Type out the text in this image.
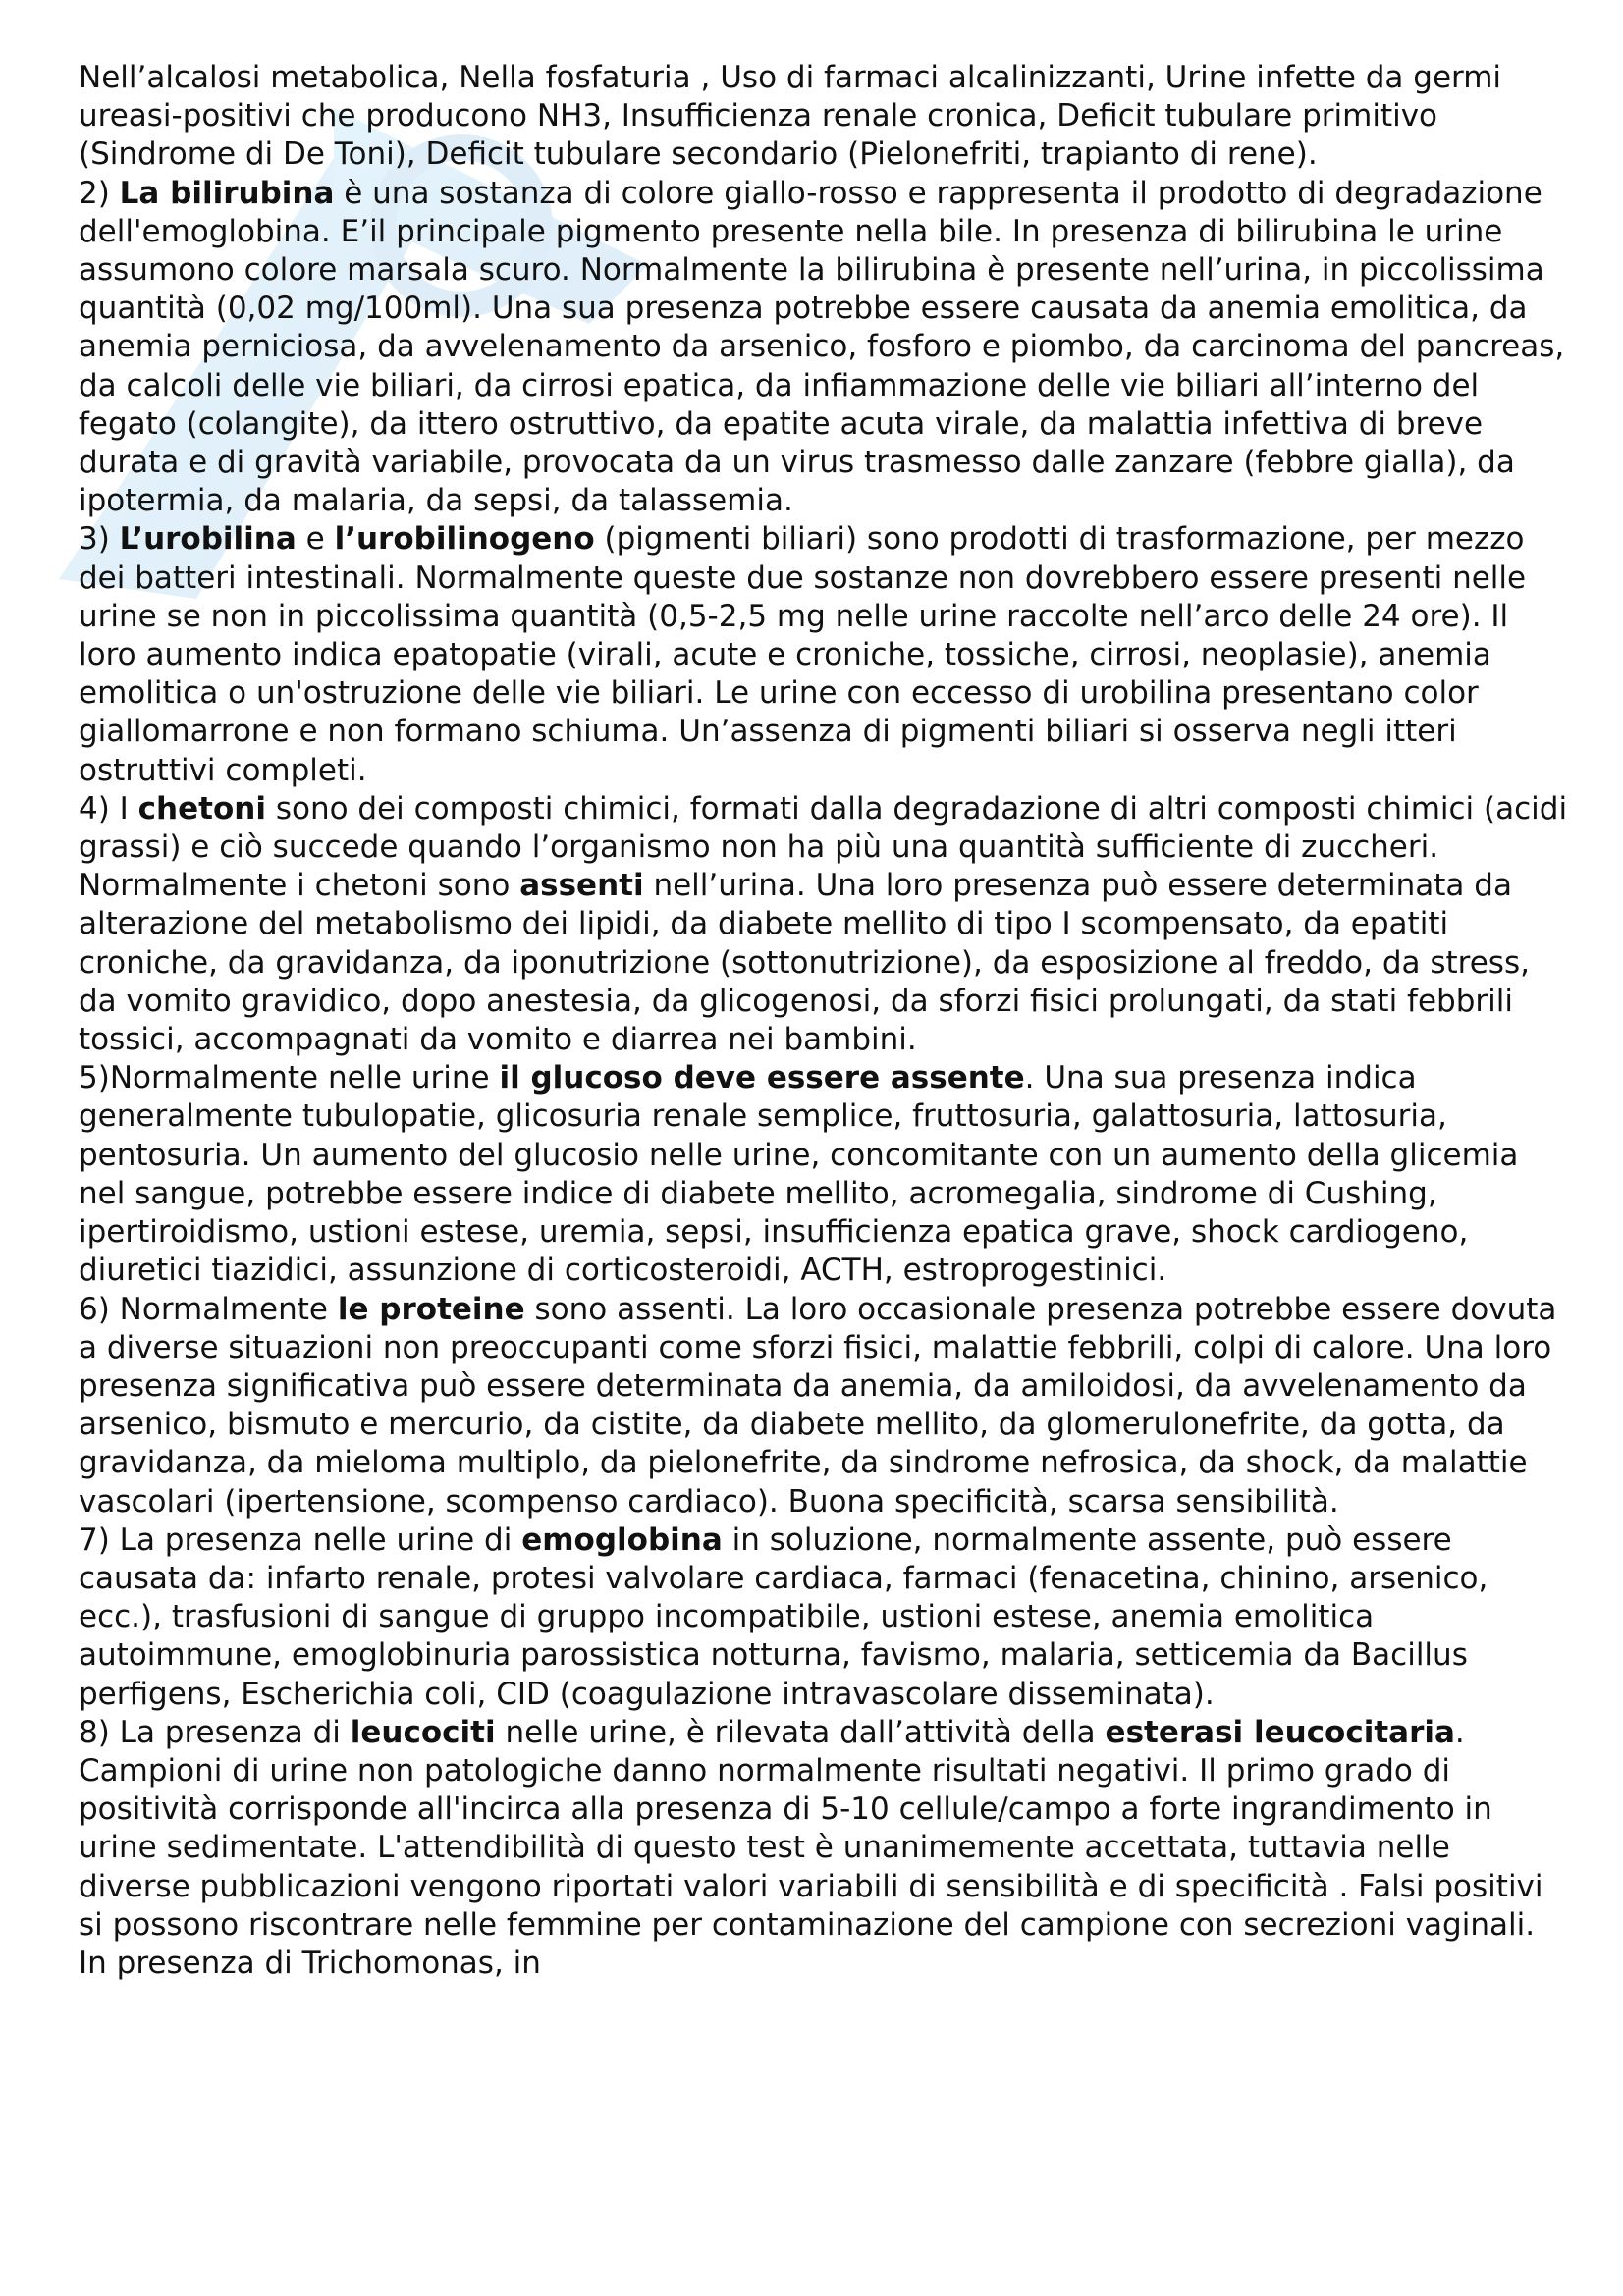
Nell’alcalosi metabolica, Nella fosfaturia , Uso di farmaci alcalinizzanti, Urine infette da germi ureasi-positivi che producono NH3, Insufficienza renale cronica, Deficit tubulare primitivo (Sindrome di De Toni), Deficit tubulare secondario (Pielonefriti, trapianto di rene).

2) La bilirubina è una sostanza di colore giallo-rosso e rappresenta il prodotto di degradazione dell'emoglobina. E’il principale pigmento presente nella bile. In presenza di bilirubina le urine assumono colore marsala scuro. Normalmente la bilirubina è presente nell’urina, in piccolissima quantità (0,02 mg/100ml). Una sua presenza potrebbe essere causata da anemia emolitica, da anemia perniciosa, da avvelenamento da arsenico, fosforo e piombo, da carcinoma del pancreas, da calcoli delle vie biliari, da cirrosi epatica, da infiammazione delle vie biliari all’interno del fegato (colangite), da ittero ostruttivo, da epatite acuta virale, da malattia infettiva di breve durata e di gravità variabile, provocata da un virus trasmesso dalle zanzare (febbre gialla), da ipotermia, da malaria, da sepsi, da talassemia.

3) L’urobilina e l’urobilinogeno (pigmenti biliari) sono prodotti di trasformazione, per mezzo dei batteri intestinali. Normalmente queste due sostanze non dovrebbero essere presenti nelle urine se non in piccolissima quantità (0,5-2,5 mg nelle urine raccolte nell’arco delle 24 ore). Il loro aumento indica epatopatie (virali, acute e croniche, tossiche, cirrosi, neoplasie), anemia emolitica o un'ostruzione delle vie biliari. Le urine con eccesso di urobilina presentano color giallomarrone e non formano schiuma. Un’assenza di pigmenti biliari si osserva negli itteri ostruttivi completi.

4) I chetoni sono dei composti chimici, formati dalla degradazione di altri composti chimici (acidi grassi) e ciò succede quando l’organismo non ha più una quantità sufficiente di zuccheri. Normalmente i chetoni sono assenti nell’urina. Una loro presenza può essere determinata da alterazione del metabolismo dei lipidi, da diabete mellito di tipo I scompensato, da epatiti croniche, da gravidanza, da iponutrizione (sottonutrizione), da esposizione al freddo, da stress, da vomito gravidico, dopo anestesia, da glicogenosi, da sforzi fisici prolungati, da stati febbrili tossici, accompagnati da vomito e diarrea nei bambini.

5)Normalmente nelle urine il glucoso deve essere assente. Una sua presenza indica generalmente tubulopatie, glicosuria renale semplice, fruttosuria, galattosuria, lattosuria, pentosuria. Un aumento del glucosio nelle urine, concomitante con un aumento della glicemia nel sangue, potrebbe essere indice di diabete mellito, acromegalia, sindrome di Cushing, ipertiroidismo, ustioni estese, uremia, sepsi, insufficienza epatica grave, shock cardiogeno, diuretici tiazidici, assunzione di corticosteroidi, ACTH, estroprogestinici.

6) Normalmente le proteine sono assenti. La loro occasionale presenza potrebbe essere dovuta a diverse situazioni non preoccupanti come sforzi fisici, malattie febbrili, colpi di calore. Una loro presenza significativa può essere determinata da anemia, da amiloidosi, da avvelenamento da arsenico, bismuto e mercurio, da cistite, da diabete mellito, da glomerulonefrite, da gotta, da gravidanza, da mieloma multiplo, da pielonefrite, da sindrome nefrosica, da shock, da malattie vascolari (ipertensione, scompenso cardiaco). Buona specificità, scarsa sensibilità.

7) La presenza nelle urine di emoglobina in soluzione, normalmente assente, può essere causata da: infarto renale, protesi valvolare cardiaca, farmaci (fenacetina, chinino, arsenico, ecc.), trasfusioni di sangue di gruppo incompatibile, ustioni estese, anemia emolitica autoimmune, emoglobinuria parossistica notturna, favismo, malaria, setticemia da Bacillus perfigens, Escherichia coli, CID (coagulazione intravascolare disseminata).

8) La presenza di leucociti nelle urine, è rilevata dall’attività della esterasi leucocitaria. Campioni di urine non patologiche danno normalmente risultati negativi. Il primo grado di positività corrisponde all'incirca alla presenza di 5-10 cellule/campo a forte ingrandimento in urine sedimentate. L'attendibilità di questo test è unanimemente accettata, tuttavia nelle diverse pubblicazioni vengono riportati valori variabili di sensibilità e di specificità . Falsi positivi si possono riscontrare nelle femmine per contaminazione del campione con secrezioni vaginali. In presenza di Trichomonas, in
